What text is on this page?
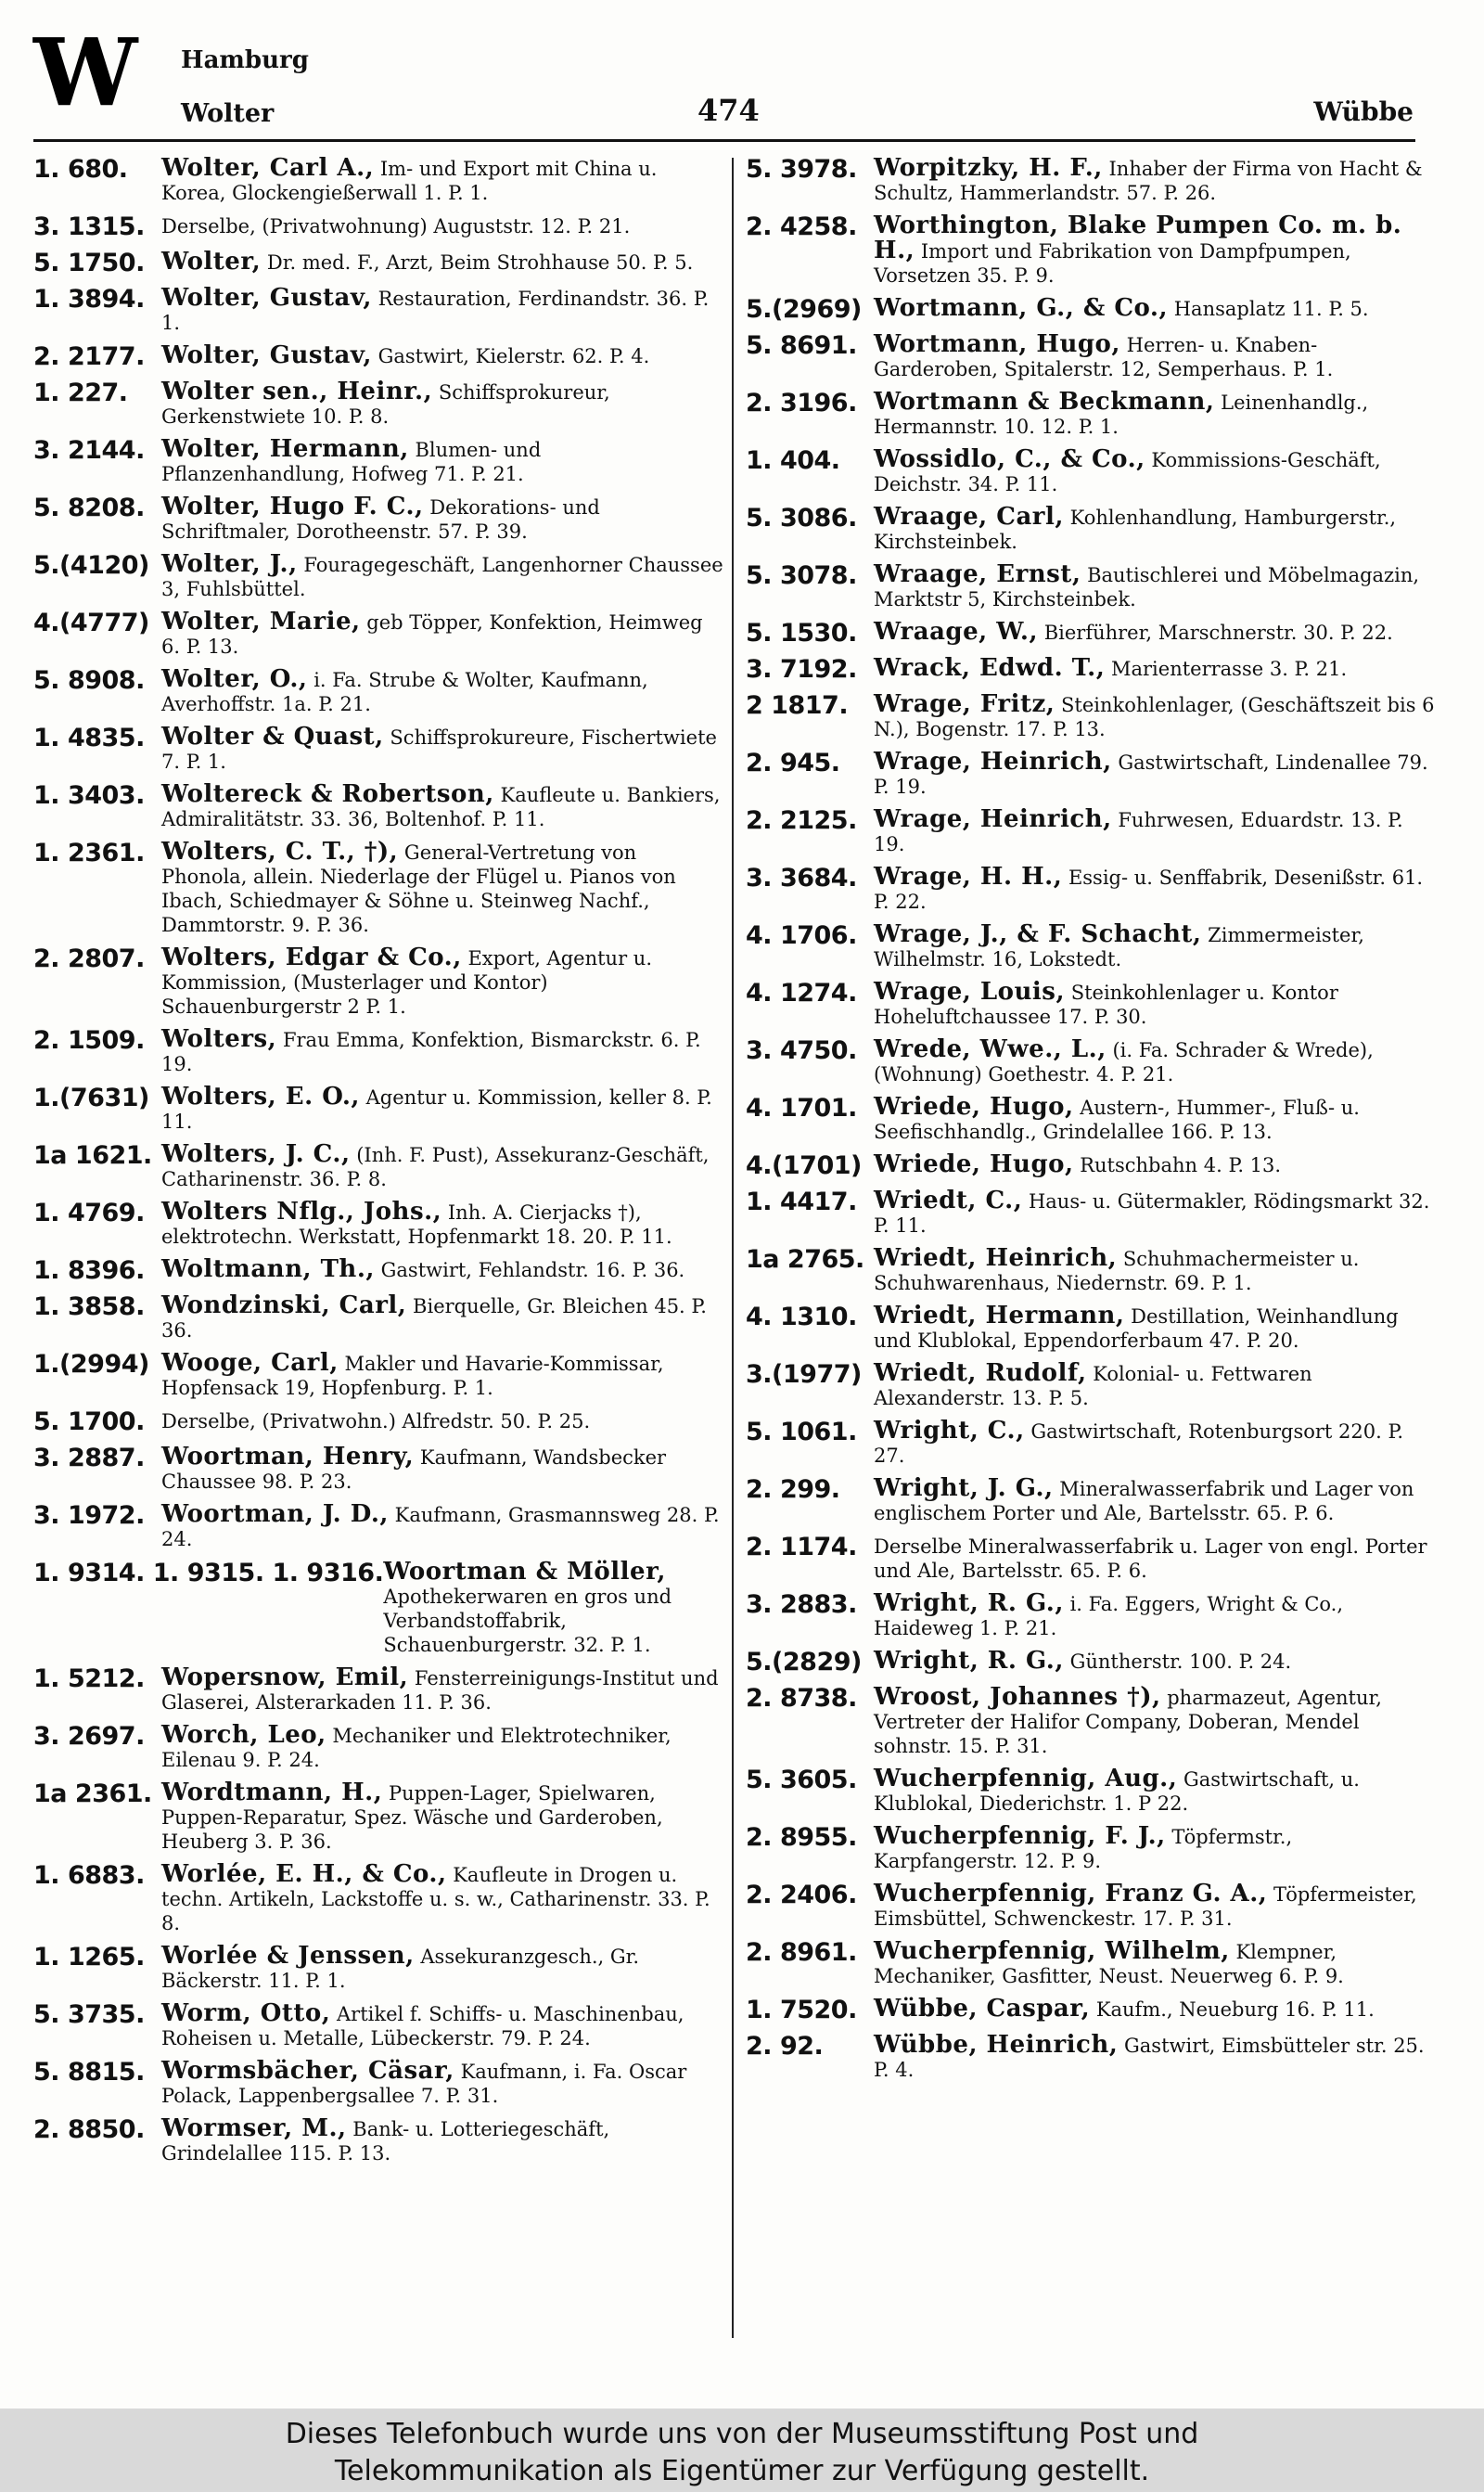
W Hamburg
Wolter	474	Wübbe
1. 680.	Wolter, Carl A., Im- und Export mit China u. Korea, Glockengießerwall 1. P. 1.
3. 1315. Derselbe, (Privatwohnung) Auguststr. 12. P. 21.
5. 1750. Wolter, Dr. med. F., Arzt, Beim Strohhause 50. P. 5.
1. 3894. Wolter, Gustav, Restauration, Ferdinandstr. 36. P. 1.
2. 2177. Wolter, Gustav, Gastwirt, Kielerstr. 62. P. 4.
1. 227.	Wolter sen., Heinr., Schiffsprokureur, Gerkenstwiete 10. P. 8.
3. 2144. Wolter, Hermann, Blumen- und Pflanzenhandlung, Hofweg 71. P. 21.
5. 8208. Wolter, Hugo F. C., Dekorations- und Schriftmaler, Dorotheenstr. 57. P. 39.
5.(4120) Wolter, J., Fouragegeschäft, Langenhorner Chaussee 3, Fuhlsbüttel.
4.(4777) Wolter, Marie, geb Töpper, Konfektion, Heimweg 6. P. 13.
5. 8908. Wolter, O., i. Fa. Strube & Wolter, Kaufmann, Averhoffstr. 1a. P. 21.
1. 4835. Wolter & Quast, Schiffsprokureure, Fischertwiete 7. P. 1.
1. 3403. Woltereck & Robertson, Kaufleute u. Bankiers, Admiralitätstr. 33. 36, Boltenhof. P. 11.
1. 2361. Wolters, C. T., †), General-Vertretung von Phonola, allein. Niederlage der Flügel u. Pianos von Ibach, Schiedmayer & Söhne u. Steinweg Nachf., Dammtorstr. 9. P. 36.
2. 2807. Wolters, Edgar & Co., Export, Agentur u. Kommission, (Musterlager und Kontor) Schauenburgerstr 2 P. 1.
2. 1509. Wolters, Frau Emma, Konfektion, Bismarckstr. 6. P. 19.
1.(7631) Wolters, E. O., Agentur u. Kommission, keller 8. P. 11.
1a 1621. Wolters, J. C., (Inh. F. Pust), Assekuranz-Geschäft, Catharinenstr. 36. P. 8.
1. 4769. Wolters Nflg., Johs., Inh. A. Cierjacks †), elektrotechn. Werkstatt, Hopfenmarkt 18. 20. P. 11.
1. 8396. Woltmann, Th., Gastwirt, Fehlandstr. 16. P. 36.
1. 3858. Wondzinski, Carl, Bierquelle, Gr. Bleichen 45. P. 36.
1.(2994) Wooge, Carl, Makler und Havarie-Kommissar, Hopfensack 19, Hopfenburg. P. 1.
5. 1700. Derselbe, (Privatwohn.) Alfredstr. 50. P. 25.
3. 2887. Woortman, Henry, Kaufmann, Wandsbecker Chaussee 98. P. 23.
3. 1972. Woortman, J. D., Kaufmann, Grasmannsweg 28. P. 24.
1. 9314. 1. 9315. 1. 9316. Woortman & Möller, Apothekerwaren en gros und Verbandstoffabrik, Schauenburgerstr. 32. P. 1.
1. 5212. Wopersnow, Emil, Fensterreinigungs-Institut und Glaserei, Alsterarkaden 11. P. 36.
3. 2697. Worch, Leo, Mechaniker und Elektrotechniker, Eilenau 9. P. 24.
1a 2361. Wordtmann, H., Puppen-Lager, Spielwaren, Puppen-Reparatur, Spez. Wäsche und Garderoben, Heuberg 3. P. 36.
1. 6883. Worlée, E. H., & Co., Kaufleute in Drogen u. techn. Artikeln, Lackstoffe u. s. w., Catharinenstr. 33. P. 8.
1. 1265. Worlée & Jenssen, Assekuranzgesch., Gr. Bäckerstr. 11. P. 1.
5. 3735. Worm, Otto, Artikel f. Schiffs- u. Maschinenbau, Roheisen u. Metalle, Lübeckerstr. 79. P. 24.
5. 8815. Wormsbächer, Cäsar, Kaufmann, i. Fa. Oscar Polack, Lappenbergsallee 7. P. 31.
2. 8850. Wormser, M., Bank- u. Lotteriegeschäft, Grindelallee 115. P. 13.
5. 3978. Worpitzky, H. F., Inhaber der Firma von Hacht & Schultz, Hammerlandstr. 57. P. 26.
2. 4258. Worthington, Blake Pumpen Co. m. b. H., Import und Fabrikation von Dampfpumpen, Vorsetzen 35. P. 9.
5.(2969) Wortmann, G., & Co., Hansaplatz 11. P. 5.
5. 8691. Wortmann, Hugo, Herren- u. Knaben-Garderoben, Spitalerstr. 12, Semperhaus. P. 1.
2. 3196. Wortmann & Beckmann, Leinenhandlg., Hermannstr. 10. 12. P. 1.
1. 404.	Wossidlo, C., & Co., Kommissions-Geschäft, Deichstr. 34. P. 11.
5. 3086. Wraage, Carl, Kohlenhandlung, Hamburgerstr., Kirchsteinbek.
5. 3078. Wraage, Ernst, Bautischlerei und Möbelmagazin, Marktstr 5, Kirchsteinbek.
5. 1530. Wraage, W., Bierführer, Marschnerstr. 30. P. 22.
3. 7192. Wrack, Edwd. T., Marienterrasse 3. P. 21.
2 1817.	Wrage, Fritz, Steinkohlenlager, (Geschäftszeit bis 6 N.), Bogenstr. 17. P. 13.
2. 945.	Wrage, Heinrich, Gastwirtschaft, Lindenallee 79. P. 19.
2. 2125. Wrage, Heinrich, Fuhrwesen, Eduardstr. 13. P. 19.
3. 3684. Wrage, H. H., Essig- u. Senffabrik, Desenißstr. 61. P. 22.
4. 1706. Wrage, J., & F. Schacht, Zimmermeister, Wilhelmstr. 16, Lokstedt.
4. 1274. Wrage, Louis, Steinkohlenlager u. Kontor Hoheluftchaussee 17. P. 30.
3. 4750. Wrede, Wwe., L., (i. Fa. Schrader & Wrede), (Wohnung) Goethestr. 4. P. 21.
4. 1701. Wriede, Hugo, Austern-, Hummer-, Fluß- u. Seefischhandlg., Grindelallee 166. P. 13.
4.(1701) Wriede, Hugo, Rutschbahn 4. P. 13.
1. 4417. Wriedt, C., Haus- u. Gütermakler, Rödingsmarkt 32. P. 11.
1a 2765. Wriedt, Heinrich, Schuhmachermeister u. Schuhwarenhaus, Niedernstr. 69. P. 1.
4. 1310. Wriedt, Hermann, Destillation, Weinhandlung und Klublokal, Eppendorferbaum 47. P. 20.
3.(1977) Wriedt, Rudolf, Kolonial- u. Fettwaren Alexanderstr. 13. P. 5.
5. 1061. Wright, C., Gastwirtschaft, Rotenburgsort 220. P. 27.
2. 299.	Wright, J. G., Mineralwasserfabrik und Lager von englischem Porter und Ale, Bartelsstr. 65. P. 6.
2. 1174. Derselbe Mineralwasserfabrik u. Lager von engl. Porter und Ale, Bartelsstr. 65. P. 6.
3. 2883. Wright, R. G., i. Fa. Eggers, Wright & Co., Haideweg 1. P. 21.
5.(2829) Wright, R. G., Güntherstr. 100. P. 24.
2. 8738. Wroost, Johannes †), pharmazeut, Agentur, Vertreter der Halifor Company, Doberan, Mendel sohnstr. 15. P. 31.
5. 3605. Wucherpfennig, Aug., Gastwirtschaft, u. Klublokal, Diederichstr. 1. P 22.
2. 8955. Wucherpfennig, F. J., Töpfermstr., Karpfangerstr. 12. P. 9.
2. 2406. Wucherpfennig, Franz G. A., Töpfermeister, Eimsbüttel, Schwenckestr. 17. P. 31.
2. 8961. Wucherpfennig, Wilhelm, Klempner, Mechaniker, Gasfitter, Neust. Neuerweg 6. P. 9.
1. 7520. Wübbe, Caspar, Kaufm., Neueburg 16. P. 11.
2. 92.	Wübbe, Heinrich, Gastwirt, Eimsbütteler str. 25. P. 4.
Dieses Telefonbuch wurde uns von der Museumsstiftung Post und
Telekommunikation als Eigentümer zur Verfügung gestellt.
